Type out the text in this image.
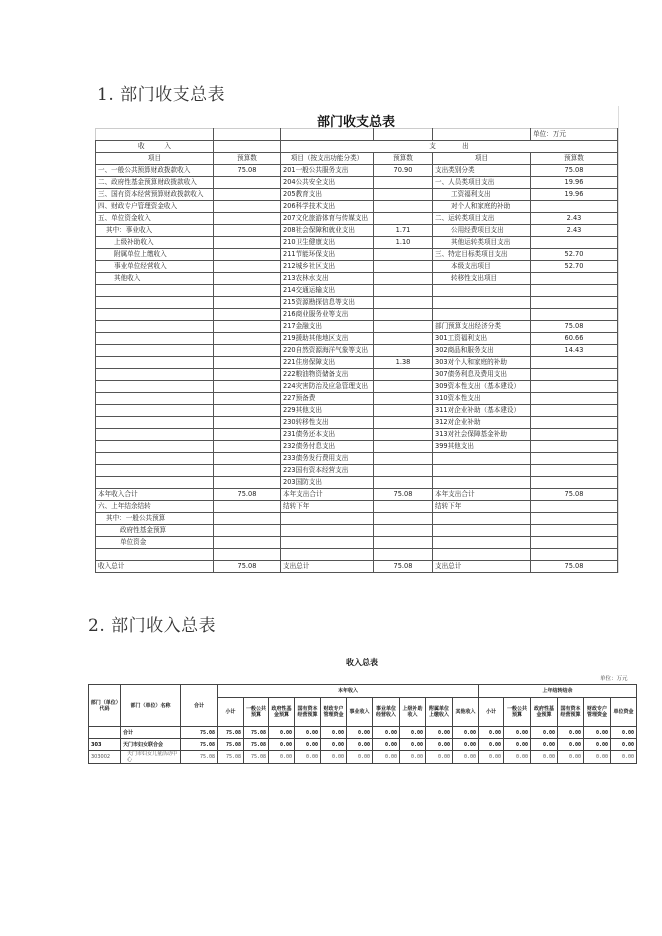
1. 部门收支总表
部门收支总表
					单位：万元
收　　　入		支　　　　出			
项目	预算数	项目（按支出功能分类）	预算数	项目	预算数
一、一般公共预算财政拨款收入	75.08	201一般公共服务支出	70.90	支出类别分类	75.08
二、政府性基金预算财政拨款收入		204公共安全支出		一、人员类项目支出	19.96
三、国有资本经营预算财政拨款收入		205教育支出		工资福利支出	19.96
四、财政专户管理资金收入		206科学技术支出		对个人和家庭的补助	
五、单位资金收入		207文化旅游体育与传媒支出		二、运转类项目支出	2.43
其中：事业收入		208社会保障和就业支出	1.71	公用经费项目支出	2.43
上级补助收入		210卫生健康支出	1.10	其他运转类项目支出	
附属单位上缴收入		211节能环保支出		三、特定目标类项目支出	52.70
事业单位经营收入		212城乡社区支出		本级支出项目	52.70
其他收入		213农林水支出		转移性支出项目	
		214交通运输支出			
		215资源勘探信息等支出			
		216商业服务业等支出			
		217金融支出		部门预算支出经济分类	75.08
		219援助其他地区支出		301工资福利支出	60.66
		220自然资源海洋气象等支出		302商品和服务支出	14.43
		221住房保障支出	1.38	303对个人和家庭的补助	
		222粮油物资储备支出		307债务利息及费用支出	
		224灾害防治及应急管理支出		309资本性支出（基本建设）	
		227预备费		310资本性支出	
		229其他支出		311对企业补助（基本建设）	
		230转移性支出		312对企业补助	
		231债务还本支出		313对社会保障基金补助	
		232债务付息支出		399其他支出	
		233债务发行费用支出			
		223国有资本经营支出			
		203国防支出			
本年收入合计	75.08	本年支出合计	75.08	本年支出合计	75.08
六、上年结余结转		结转下年		结转下年	
其中：一般公共预算					
政府性基金预算					
单位资金					

收入总计	75.08	支出总计	75.08	支出总计	75.08
2. 部门收入总表
收入总表
单位：万元
部门（单位）代码	部门（单位）名称	合计	本年收入										上年结转结余					
			小计	一般公共预算	政府性基金预算	国有资本经营预算	财政专户管理资金	事业收入	事业单位经营收入	上级补助收入	附属单位上缴收入	其他收入	小计	一般公共预算	政府性基金预算	国有资本经营预算	财政专户管理资金	单位资金
	合计	75.08	75.08	75.08	0.00	0.00	0.00	0.00	0.00	0.00	0.00	0.00	0.00	0.00	0.00	0.00	0.00	0.00
303	天门市妇女联合会	75.08	75.08	75.08	0.00	0.00	0.00	0.00	0.00	0.00	0.00	0.00	0.00	0.00	0.00	0.00	0.00	0.00
303002	天门市妇女儿童活动中心	75.08	75.08	75.08	0.00	0.00	0.00	0.00	0.00	0.00	0.00	0.00	0.00	0.00	0.00	0.00	0.00	0.00
